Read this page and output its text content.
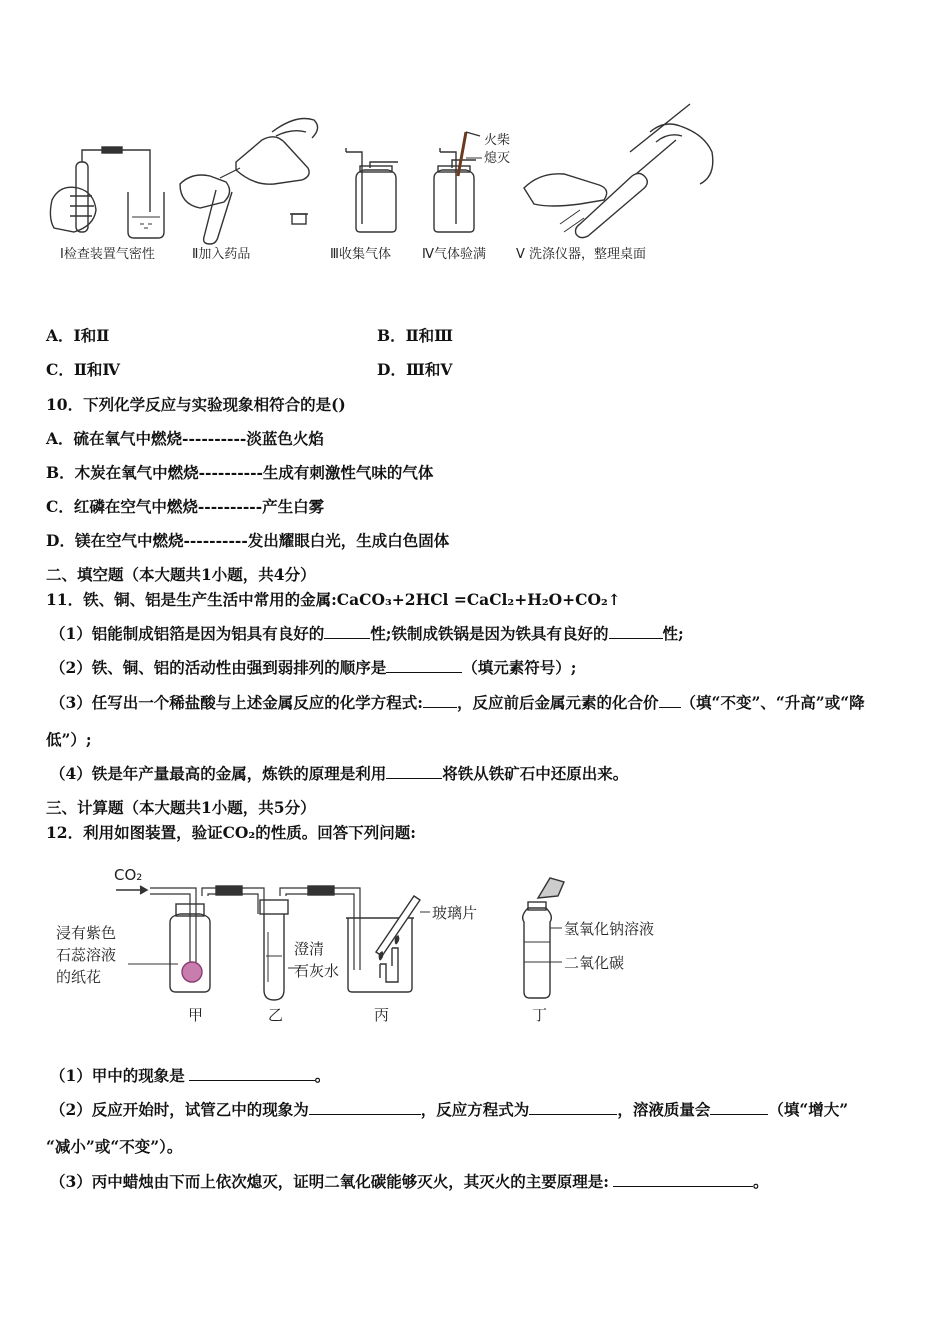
火柴
熄灭
Ⅰ检查装置气密性	Ⅱ加入药品	Ⅲ收集气体 Ⅳ气体验满 Ⅴ 洗涤仪器，整理桌面
A．Ⅰ和Ⅱ	B．Ⅱ和Ⅲ
C．Ⅱ和Ⅳ	D．Ⅲ和Ⅴ
10．下列化学反应与实验现象相符合的是()
A．硫在氧气中燃烧----------淡蓝色火焰
B．木炭在氧气中燃烧----------生成有刺激性气味的气体
C．红磷在空气中燃烧----------产生白雾
D．镁在空气中燃烧----------发出耀眼白光，生成白色固体
二、填空题（本大题共1小题，共4分）
11．铁、铜、铝是生产生活中常用的金属:CaCO₃+2HCl =CaCl₂+H₂O+CO₂↑
（1）铝能制成铝箔是因为铝具有良好的	性;铁制成铁锅是因为铁具有良好的	性;
（2）铁、铜、铝的活动性由强到弱排列的顺序是	（填元素符号）;
（3）任写出一个稀盐酸与上述金属反应的化学方程式: ，反应前后金属元素的化合价 （填“不变”、“升高”或“降
低”）;
（4）铁是年产量最高的金属，炼铁的原理是利用	将铁从铁矿石中还原出来。
三、计算题（本大题共1小题，共5分）
12．利用如图装置，验证CO₂的性质。回答下列问题:
CO₂
浸有紫色
石蕊溶液
的纸花
澄清
石灰水
玻璃片
氢氧化钠溶液
二氧化碳
甲	乙	丙	丁
（1）甲中的现象是	。
（2）反应开始时，试管乙中的现象为	，反应方程式为	，溶液质量会	（填“增大”
“减小”或“不变”）。
（3）丙中蜡烛由下而上依次熄灭，证明二氧化碳能够灭火，其灭火的主要原理是:	。
